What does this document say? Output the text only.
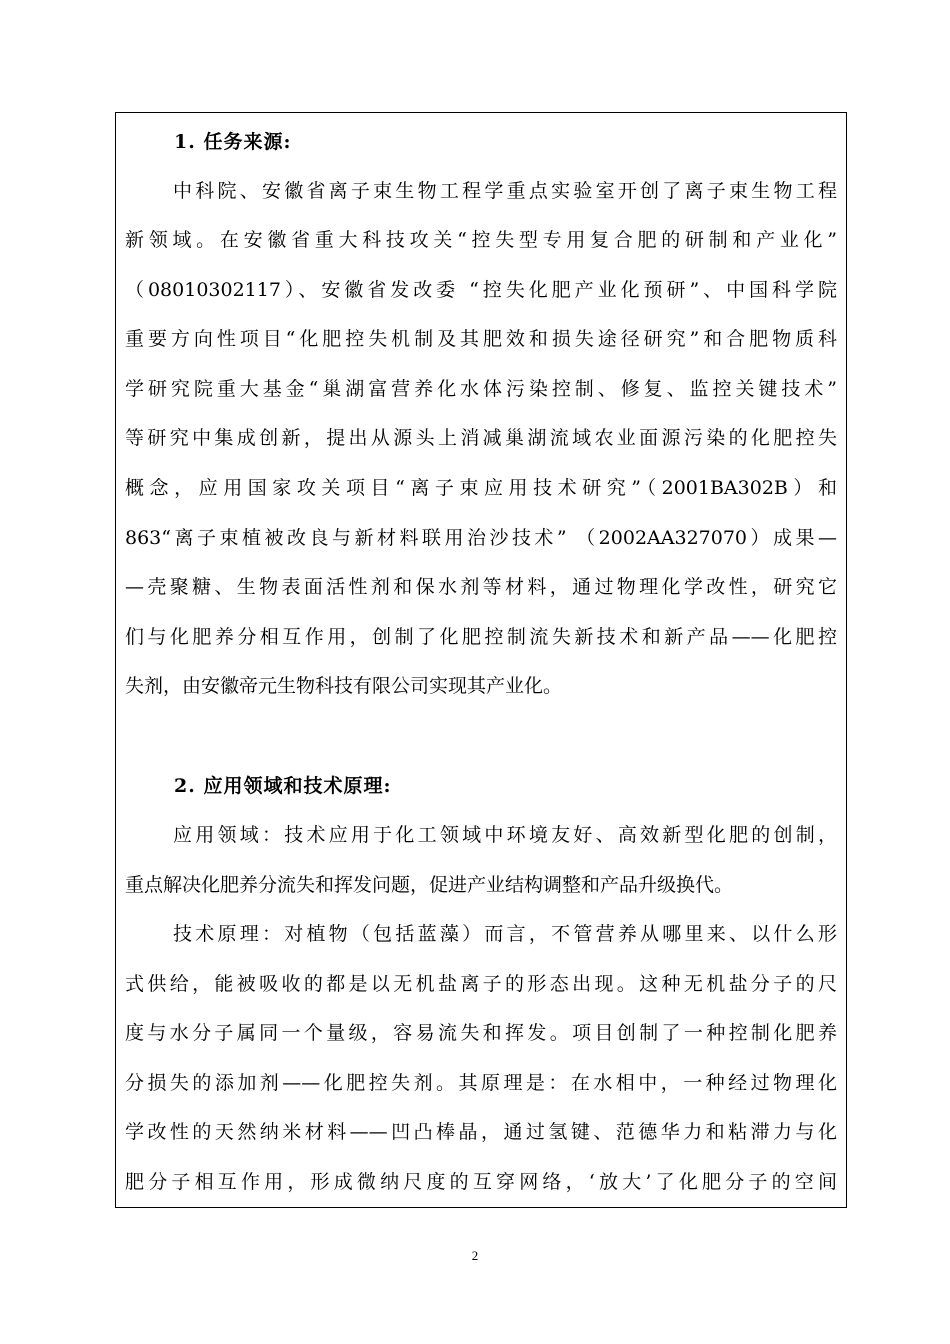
1. 任务来源:
中科院、安徽省离子束生物工程学重点实验室开创了离子束生物工程
新领域。在安徽省重大科技攻关“控失型专用复合肥的研制和产业化”
（08010302117）、安徽省发改委 “控失化肥产业化预研”、中国科学院
重要方向性项目“化肥控失机制及其肥效和损失途径研究”和合肥物质科
学研究院重大基金“巢湖富营养化水体污染控制、修复、监控关键技术”
等研究中集成创新，提出从源头上消减巢湖流域农业面源污染的化肥控失
概念，应用国家攻关项目“离子束应用技术研究”（2001BA302B）和
863“离子束植被改良与新材料联用治沙技术” （2002AA327070）成果—
—壳聚糖、生物表面活性剂和保水剂等材料，通过物理化学改性，研究它
们与化肥养分相互作用，创制了化肥控制流失新技术和新产品——化肥控
失剂，由安徽帝元生物科技有限公司实现其产业化。
2. 应用领域和技术原理:
应用领域：技术应用于化工领域中环境友好、高效新型化肥的创制，
重点解决化肥养分流失和挥发问题，促进产业结构调整和产品升级换代。
技术原理：对植物（包括蓝藻）而言，不管营养从哪里来、以什么形
式供给，能被吸收的都是以无机盐离子的形态出现。这种无机盐分子的尺
度与水分子属同一个量级，容易流失和挥发。项目创制了一种控制化肥养
分损失的添加剂——化肥控失剂。其原理是：在水相中，一种经过物理化
学改性的天然纳米材料——凹凸棒晶，通过氢键、范德华力和粘滞力与化
肥分子相互作用，形成微纳尺度的互穿网络，‘放大’了化肥分子的空间
2
